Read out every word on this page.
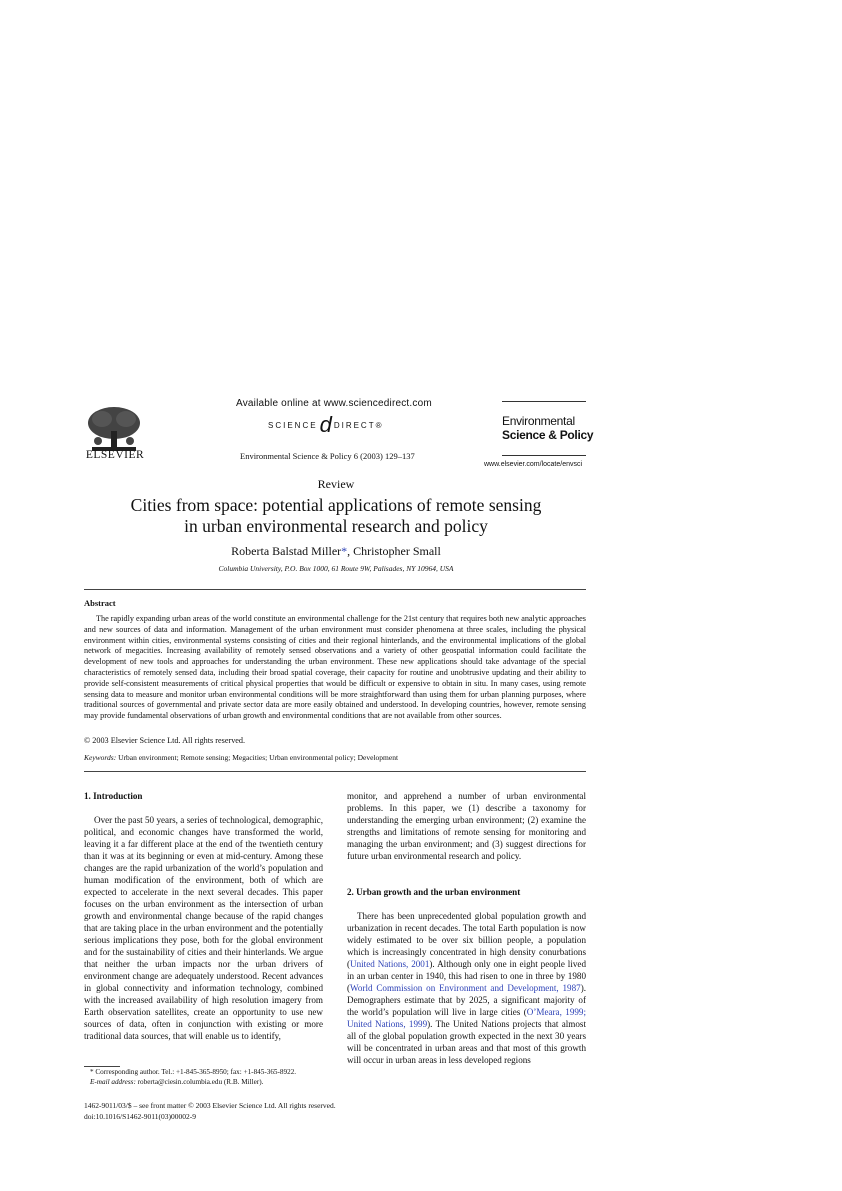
ELSEVIER
Available online at www.sciencedirect.com
SCIENCE d DIRECT®
Environmental Science & Policy 6 (2003) 129–137
Environmental
Science & Policy
www.elsevier.com/locate/envsci
Review
Cities from space: potential applications of remote sensing
in urban environmental research and policy
Roberta Balstad Miller*, Christopher Small
Columbia University, P.O. Box 1000, 61 Route 9W, Palisades, NY 10964, USA
Abstract
The rapidly expanding urban areas of the world constitute an environmental challenge for the 21st century that requires both new analytic approaches and new sources of data and information. Management of the urban environment must consider phenomena at three scales, including the physical environment within cities, environmental systems consisting of cities and their regional hinterlands, and the environmental implications of the global network of megacities. Increasing availability of remotely sensed observations and a variety of other geospatial information could facilitate the development of new tools and approaches for understanding the urban environment. These new applications should take advantage of the special characteristics of remotely sensed data, including their broad spatial coverage, their capacity for routine and unobtrusive updating and their ability to provide self-consistent measurements of critical physical properties that would be difficult or expensive to obtain in situ. In many cases, using remote sensing data to measure and monitor urban environmental conditions will be more straightforward than using them for urban planning purposes, where traditional sources of governmental and private sector data are more easily obtained and understood. In developing countries, however, remote sensing may provide fundamental observations of urban growth and environmental conditions that are not available from other sources.
© 2003 Elsevier Science Ltd. All rights reserved.
Keywords: Urban environment; Remote sensing; Megacities; Urban environmental policy; Development
1. Introduction

Over the past 50 years, a series of technological, demographic, political, and economic changes have transformed the world, leaving it a far different place at the end of the twentieth century than it was at its beginning or even at mid-century. Among these changes are the rapid urbanization of the world’s population and human modification of the environment, both of which are expected to accelerate in the next several decades. This paper focuses on the urban environment as the intersection of urban growth and environmental change because of the rapid changes that are taking place in the urban environment and the potentially serious implications they pose, both for the global environment and for the sustainability of cities and their hinterlands. We argue that neither the urban impacts nor the urban drivers of environment change are adequately understood. Recent advances in global connectivity and information technology, combined with the increased availability of high resolution imagery from Earth observation satellites, create an opportunity to use new sources of data, often in conjunction with existing or more traditional data sources, that will enable us to identify,

monitor, and apprehend a number of urban environmental problems. In this paper, we (1) describe a taxonomy for understanding the emerging urban environment; (2) examine the strengths and limitations of remote sensing for monitoring and managing the urban environment; and (3) suggest directions for future urban environmental research and policy.

2. Urban growth and the urban environment

There has been unprecedented global population growth and urbanization in recent decades. The total Earth population is now widely estimated to be over six billion people, a population which is increasingly concentrated in high density conurbations (United Nations, 2001). Although only one in eight people lived in an urban center in 1940, this had risen to one in three by 1980 (World Commission on Environment and Development, 1987). Demographers estimate that by 2025, a significant majority of the world’s population will live in large cities (O’Meara, 1999; United Nations, 1999). The United Nations projects that almost all of the global population growth expected in the next 30 years will be concentrated in urban areas and that most of this growth will occur in urban areas in less developed regions

* Corresponding author. Tel.: +1-845-365-8950; fax: +1-845-365-8922.
E-mail address: roberta@ciesin.columbia.edu (R.B. Miller).
1462-9011/03/$ – see front matter © 2003 Elsevier Science Ltd. All rights reserved.
doi:10.1016/S1462-9011(03)00002-9
